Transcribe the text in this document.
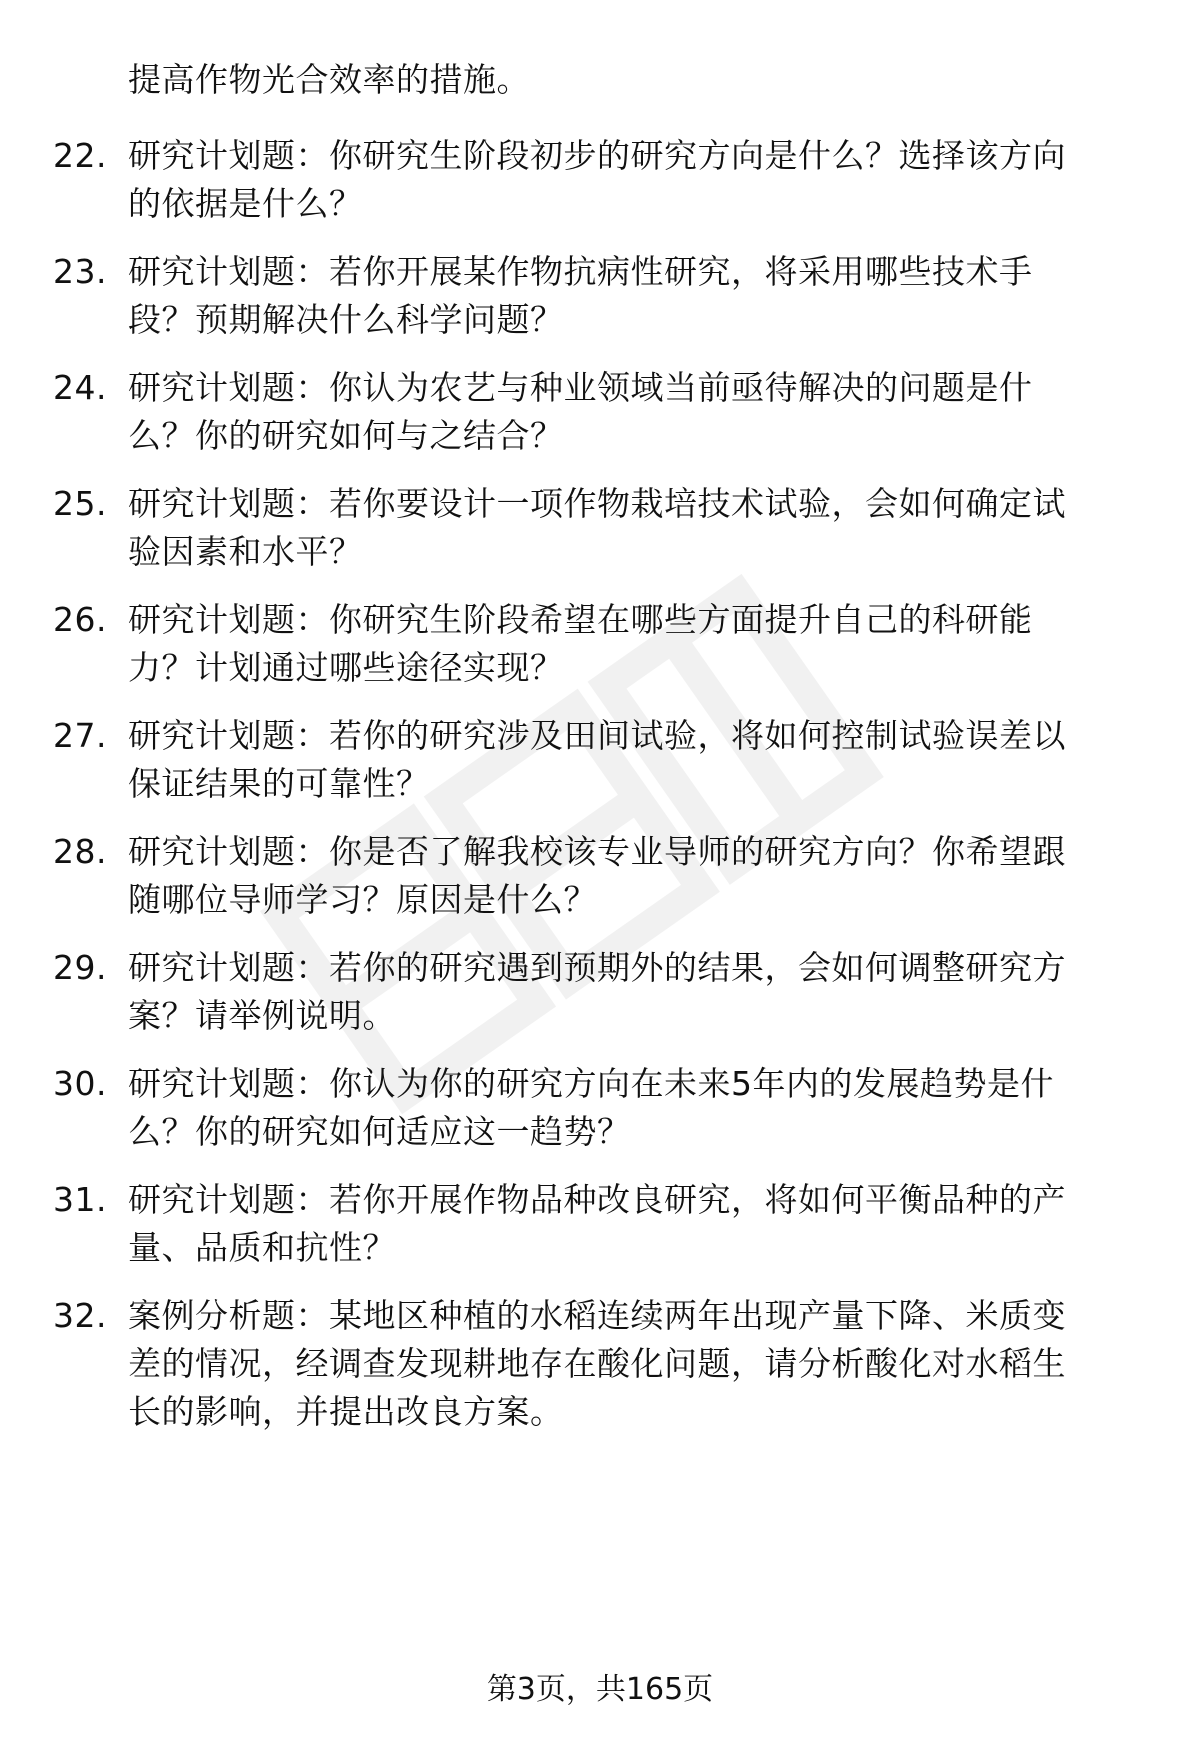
提高作物光合效率的措施。
22. 研究计划题：你研究生阶段初步的研究方向是什么？选择该方向
的依据是什么？
23. 研究计划题：若你开展某作物抗病性研究，将采用哪些技术手
段？预期解决什么科学问题？
24. 研究计划题：你认为农艺与种业领域当前亟待解决的问题是什
么？你的研究如何与之结合？
25. 研究计划题：若你要设计一项作物栽培技术试验，会如何确定试
验因素和水平？
26. 研究计划题：你研究生阶段希望在哪些方面提升自己的科研能
力？计划通过哪些途径实现？
27. 研究计划题：若你的研究涉及田间试验，将如何控制试验误差以
保证结果的可靠性？
28. 研究计划题：你是否了解我校该专业导师的研究方向？你希望跟
随哪位导师学习？原因是什么？
29. 研究计划题：若你的研究遇到预期外的结果，会如何调整研究方
案？请举例说明。
30. 研究计划题：你认为你的研究方向在未来5年内的发展趋势是什
么？你的研究如何适应这一趋势？
31. 研究计划题：若你开展作物品种改良研究，将如何平衡品种的产
量、品质和抗性？
32. 案例分析题：某地区种植的水稻连续两年出现产量下降、米质变
差的情况，经调查发现耕地存在酸化问题，请分析酸化对水稻生
长的影响，并提出改良方案。
第3页，共165页
